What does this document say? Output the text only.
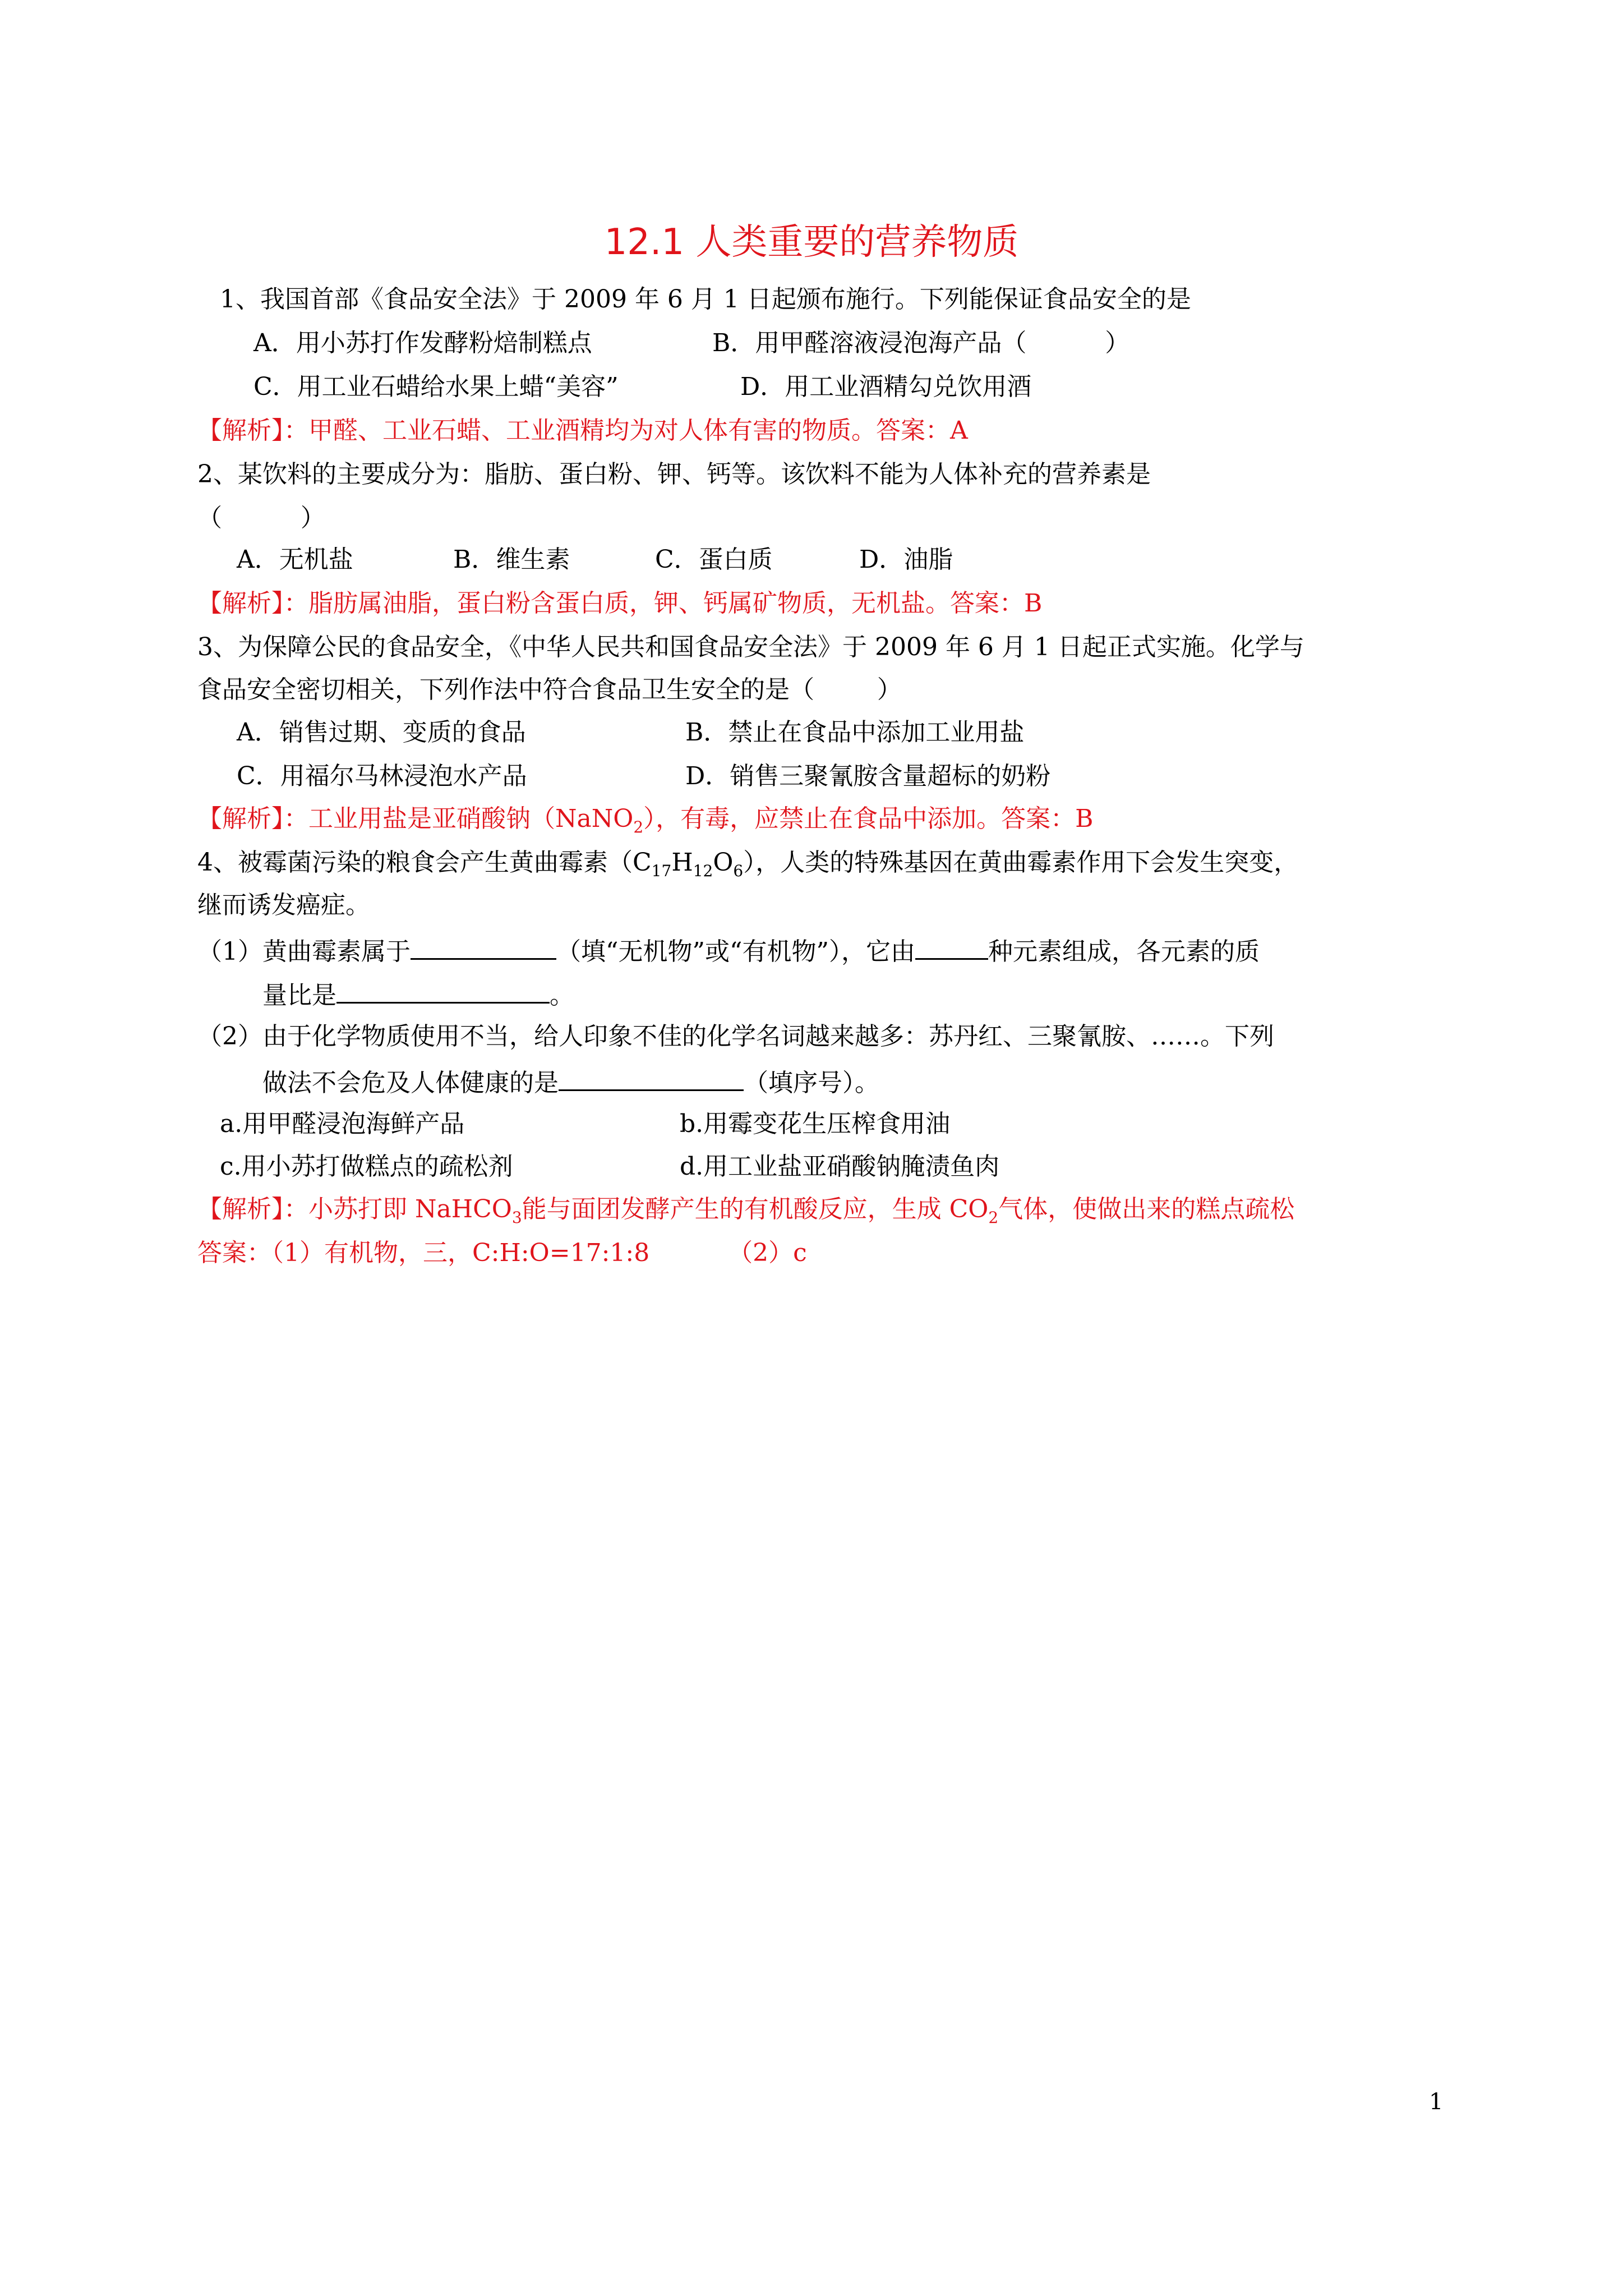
12.1 人类重要的营养物质
1、我国首部《食品安全法》于 2009 年 6 月 1 日起颁布施行。下列能保证食品安全的是
A．用小苏打作发酵粉焙制糕点	B．用甲醛溶液浸泡海产品（          ）
C．用工业石蜡给水果上蜡“美容”	D．用工业酒精勾兑饮用酒
【解析】：甲醛、工业石蜡、工业酒精均为对人体有害的物质。答案：A
2、某饮料的主要成分为：脂肪、蛋白粉、钾、钙等。该饮料不能为人体补充的营养素是
（          ）
A．无机盐	B．维生素	C．蛋白质	D．油脂
【解析】：脂肪属油脂，蛋白粉含蛋白质，钾、钙属矿物质，无机盐。答案：B
3、为保障公民的食品安全，《中华人民共和国食品安全法》于 2009 年 6 月 1 日起正式实施。化学与
食品安全密切相关，下列作法中符合食品卫生安全的是（        ）
A．销售过期、变质的食品	B．禁止在食品中添加工业用盐
C．用福尔马林浸泡水产品	D．销售三聚氰胺含量超标的奶粉
【解析】：工业用盐是亚硝酸钠（NaNO$_2$），有毒，应禁止在食品中添加。答案：B
4、被霉菌污染的粮食会产生黄曲霉素$(C_{17}H_{12}O_6)$，人类的特殊基因在黄曲霉素作用下会发生突变，
继而诱发癌症。
（1）黄曲霉素属于	（填“无机物”或“有机物”），它由	种元素组成，各元素的质
量比是	。
（2）由于化学物质使用不当，给人印象不佳的化学名词越来越多：苏丹红、三聚氰胺、……。下列
做法不会危及人体健康的是	（填序号）。
a.用甲醛浸泡海鲜产品	b.用霉变花生压榨食用油
c.用小苏打做糕点的疏松剂	d.用工业盐亚硝酸钠腌渍鱼肉
【解析】：小苏打即 NaHCO$_3$能与面团发酵产生的有机酸反应，生成 $CO_2$气体，使做出来的糕点疏松
答案：（1）有机物，三，C:H:O=17:1:8          （2）c
1
